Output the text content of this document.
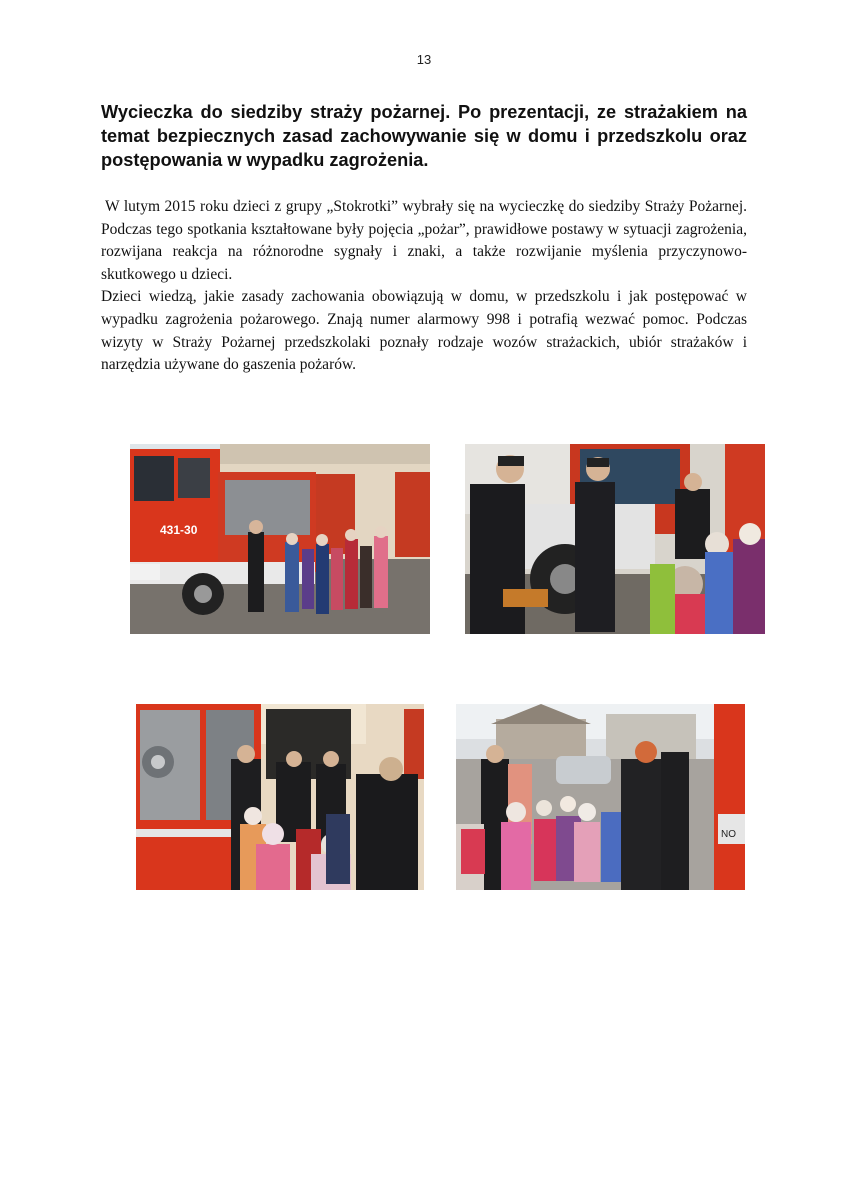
13
Wycieczka do siedziby straży pożarnej. Po prezentacji, ze strażakiem na temat bezpiecznych zasad zachowywanie się w domu i przedszkolu oraz postępowania w wypadku zagrożenia.

W lutym 2015 roku dzieci z grupy „Stokrotki” wybrały się na wycieczkę do siedziby Straży Pożarnej. Podczas tego spotkania kształtowane były pojęcia „pożar”, prawidłowe postawy w sytuacji zagrożenia, rozwijana reakcja na różnorodne sygnały i znaki, a także rozwijanie myślenia przyczynowo-skutkowego u dzieci.

Dzieci wiedzą, jakie zasady zachowania obowiązują w domu, w przedszkolu i jak postępować w wypadku zagrożenia pożarowego. Znają numer alarmowy 998 i potrafią wezwać pomoc. Podczas wizyty w Straży Pożarnej przedszkolaki poznały rodzaje wozów strażackich, ubiór strażaków i narzędzia używane do gaszenia pożarów.

431-30
NO
